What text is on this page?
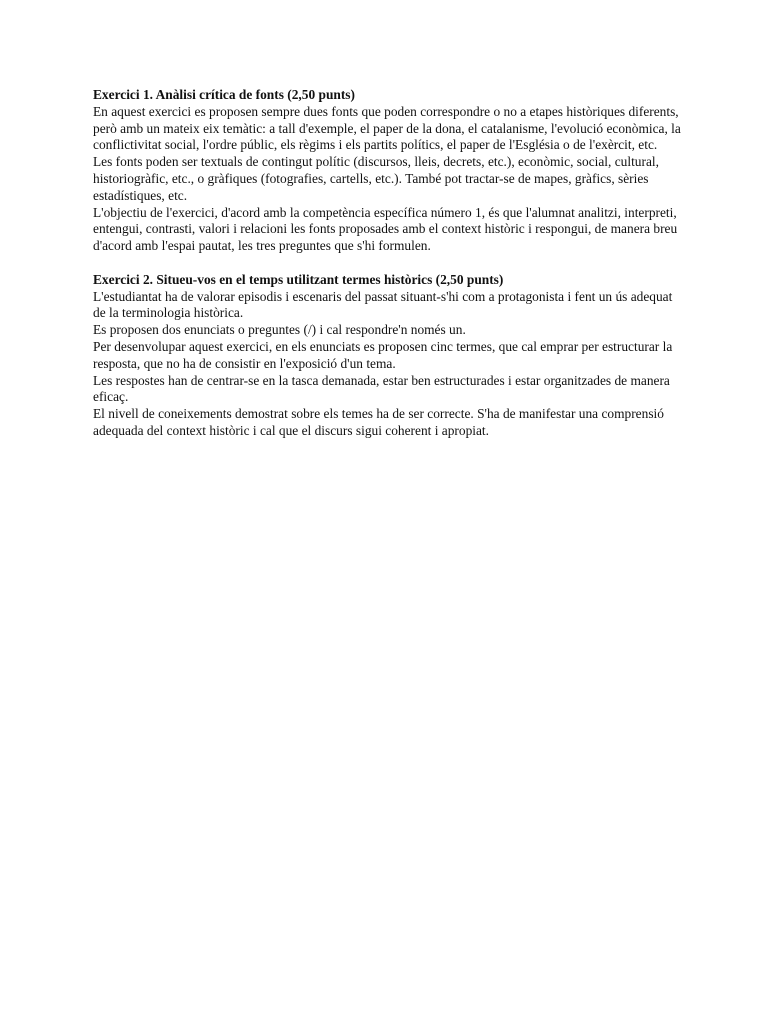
Exercici 1. Anàlisi crítica de fonts (2,50 punts)
En aquest exercici es proposen sempre dues fonts que poden correspondre o no a etapes històriques diferents, però amb un mateix eix temàtic: a tall d'exemple, el paper de la dona, el catalanisme, l'evolució econòmica, la conflictivitat social, l'ordre públic, els règims i els partits polítics, el paper de l'Església o de l'exèrcit, etc.
Les fonts poden ser textuals de contingut polític (discursos, lleis, decrets, etc.), econòmic, social, cultural, historiogràfic, etc., o gràfiques (fotografies, cartells, etc.). També pot tractar-se de mapes, gràfics, sèries estadístiques, etc.
L'objectiu de l'exercici, d'acord amb la competència específica número 1, és que l'alumnat analitzi, interpreti, entengui, contrasti, valori i relacioni les fonts proposades amb el context històric i respongui, de manera breu d'acord amb l'espai pautat, les tres preguntes que s'hi formulen.
Exercici 2. Situeu-vos en el temps utilitzant termes històrics (2,50 punts)
L'estudiantat ha de valorar episodis i escenaris del passat situant-s'hi com a protagonista i fent un ús adequat de la terminologia històrica.
Es proposen dos enunciats o preguntes (/) i cal respondre'n només un.
Per desenvolupar aquest exercici, en els enunciats es proposen cinc termes, que cal emprar per estructurar la resposta, que no ha de consistir en l'exposició d'un tema.
Les respostes han de centrar-se en la tasca demanada, estar ben estructurades i estar organitzades de manera eficaç.
El nivell de coneixements demostrat sobre els temes ha de ser correcte. S'ha de manifestar una comprensió adequada del context històric i cal que el discurs sigui coherent i apropiat.
